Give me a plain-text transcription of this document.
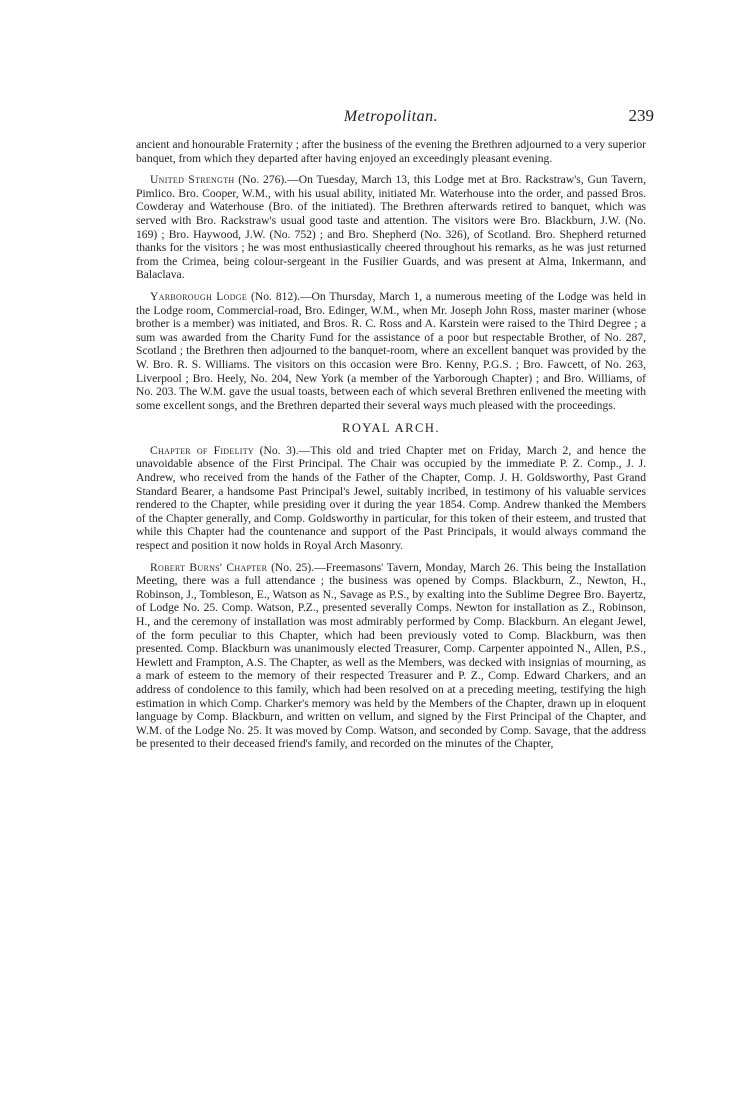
Metropolitan.	239

ancient and honourable Fraternity ; after the business of the evening the Brethren adjourned to a very superior banquet, from which they departed after having enjoyed an exceedingly pleasant evening.

United Strength (No. 276).—On Tuesday, March 13, this Lodge met at Bro. Rackstraw's, Gun Tavern, Pimlico. Bro. Cooper, W.M., with his usual ability, initiated Mr. Waterhouse into the order, and passed Bros. Cowderay and Waterhouse (Bro. of the initiated). The Brethren afterwards retired to banquet, which was served with Bro. Rackstraw's usual good taste and attention. The visitors were Bro. Blackburn, J.W. (No. 169) ; Bro. Haywood, J.W. (No. 752) ; and Bro. Shepherd (No. 326), of Scotland. Bro. Shepherd returned thanks for the visitors ; he was most enthusiastically cheered throughout his remarks, as he was just returned from the Crimea, being colour-sergeant in the Fusilier Guards, and was present at Alma, Inkermann, and Balaclava.

Yarborough Lodge (No. 812).—On Thursday, March 1, a numerous meeting of the Lodge was held in the Lodge room, Commercial-road, Bro. Edinger, W.M., when Mr. Joseph John Ross, master mariner (whose brother is a member) was initiated, and Bros. R. C. Ross and A. Karstein were raised to the Third Degree ; a sum was awarded from the Charity Fund for the assistance of a poor but respectable Brother, of No. 287, Scotland ; the Brethren then adjourned to the banquet-room, where an excellent banquet was provided by the W. Bro. R. S. Williams. The visitors on this occasion were Bro. Kenny, P.G.S. ; Bro. Fawcett, of No. 263, Liverpool ; Bro. Heely, No. 204, New York (a member of the Yarborough Chapter) ; and Bro. Williams, of No. 203. The W.M. gave the usual toasts, between each of which several Brethren enlivened the meeting with some excellent songs, and the Brethren departed their several ways much pleased with the proceedings.

ROYAL ARCH.

Chapter of Fidelity (No. 3).—This old and tried Chapter met on Friday, March 2, and hence the unavoidable absence of the First Principal. The Chair was occupied by the immediate P. Z. Comp., J. J. Andrew, who received from the hands of the Father of the Chapter, Comp. J. H. Goldsworthy, Past Grand Standard Bearer, a handsome Past Principal's Jewel, suitably incribed, in testimony of his valuable services rendered to the Chapter, while presiding over it during the year 1854. Comp. Andrew thanked the Members of the Chapter generally, and Comp. Goldsworthy in particular, for this token of their esteem, and trusted that while this Chapter had the countenance and support of the Past Principals, it would always command the respect and position it now holds in Royal Arch Masonry.

Robert Burns' Chapter (No. 25).—Freemasons' Tavern, Monday, March 26. This being the Installation Meeting, there was a full attendance ; the business was opened by Comps. Blackburn, Z., Newton, H., Robinson, J., Tombleson, E., Watson as N., Savage as P.S., by exalting into the Sublime Degree Bro. Bayertz, of Lodge No. 25. Comp. Watson, P.Z., presented severally Comps. Newton for installation as Z., Robinson, H., and the ceremony of installation was most admirably performed by Comp. Blackburn. An elegant Jewel, of the form peculiar to this Chapter, which had been previously voted to Comp. Blackburn, was then presented. Comp. Blackburn was unanimously elected Treasurer, Comp. Carpenter appointed N., Allen, P.S., Hewlett and Frampton, A.S. The Chapter, as well as the Members, was decked with insignias of mourning, as a mark of esteem to the memory of their respected Treasurer and P. Z., Comp. Edward Charkers, and an address of condolence to this family, which had been resolved on at a preceding meeting, testifying the high estimation in which Comp. Charker's memory was held by the Members of the Chapter, drawn up in eloquent language by Comp. Blackburn, and written on vellum, and signed by the First Principal of the Chapter, and W.M. of the Lodge No. 25. It was moved by Comp. Watson, and seconded by Comp. Savage, that the address be presented to their deceased friend's family, and recorded on the minutes of the Chapter,
